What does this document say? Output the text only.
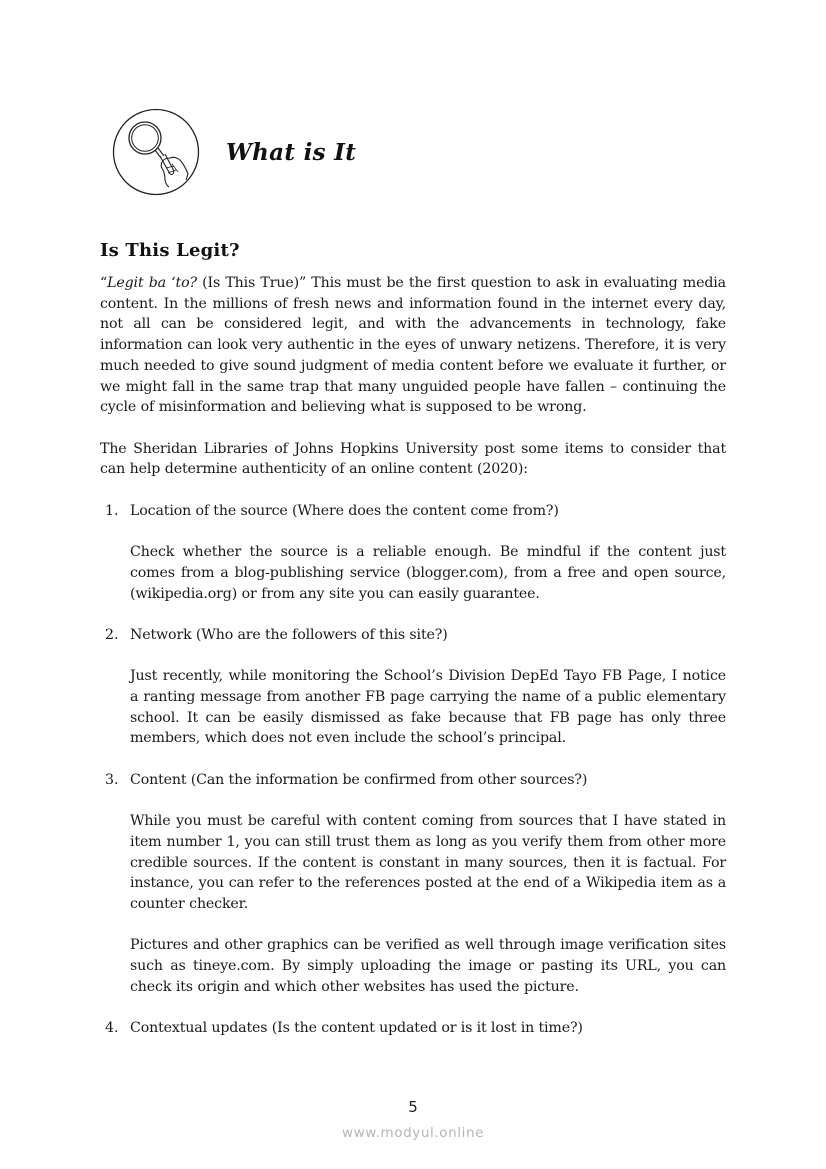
What is It
Is This Legit?

“Legit ba ‘to? (Is This True)” This must be the first question to ask in evaluating media content. In the millions of fresh news and information found in the internet every day, not all can be considered legit, and with the advancements in technology, fake information can look very authentic in the eyes of unwary netizens. Therefore, it is very much needed to give sound judgment of media content before we evaluate it further, or we might fall in the same trap that many unguided people have fallen – continuing the cycle of misinformation and believing what is supposed to be wrong.

The Sheridan Libraries of Johns Hopkins University post some items to consider that can help determine authenticity of an online content (2020):

1. Location of the source (Where does the content come from?)

Check whether the source is a reliable enough. Be mindful if the content just comes from a blog-publishing service (blogger.com), from a free and open source, (wikipedia.org) or from any site you can easily guarantee.

2. Network (Who are the followers of this site?)

Just recently, while monitoring the School’s Division DepEd Tayo FB Page, I notice a ranting message from another FB page carrying the name of a public elementary school. It can be easily dismissed as fake because that FB page has only three members, which does not even include the school’s principal.

3. Content (Can the information be confirmed from other sources?)

While you must be careful with content coming from sources that I have stated in item number 1, you can still trust them as long as you verify them from other more credible sources. If the content is constant in many sources, then it is factual. For instance, you can refer to the references posted at the end of a Wikipedia item as a counter checker.

Pictures and other graphics can be verified as well through image verification sites such as tineye.com. By simply uploading the image or pasting its URL, you can check its origin and which other websites has used the picture.

4. Contextual updates (Is the content updated or is it lost in time?)
5
www.modyul.online
